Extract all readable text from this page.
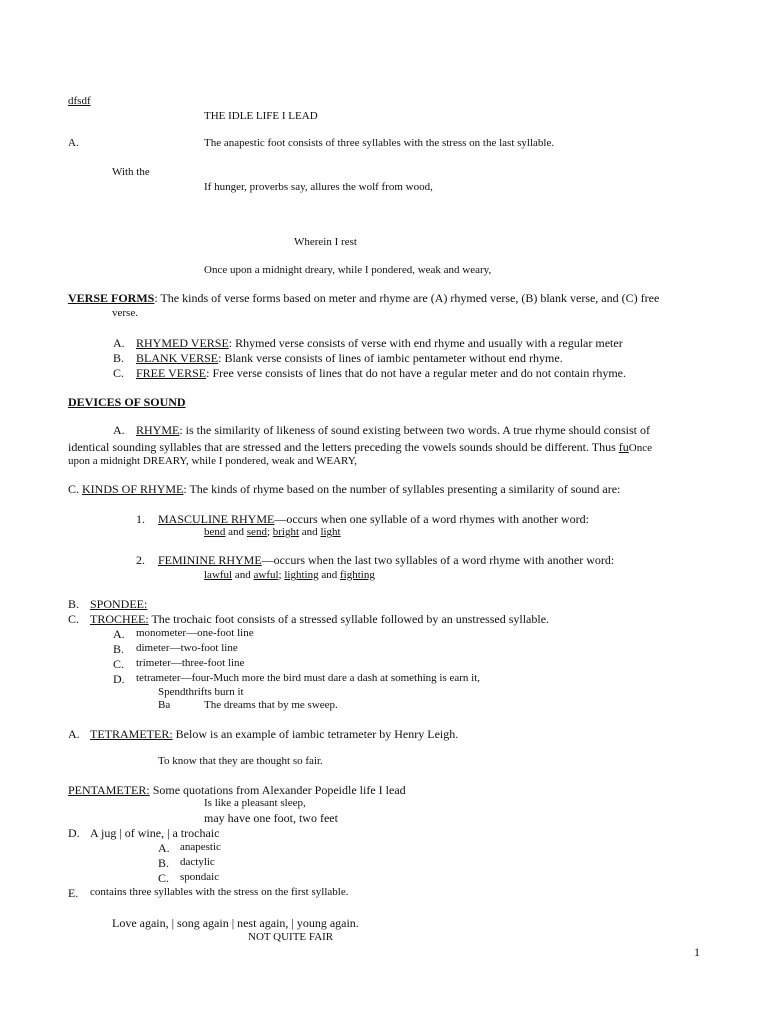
dfsdf
THE IDLE LIFE I LEAD
A.	The anapestic foot consists of three syllables with the stress on the last syllable.
With the
If hunger, proverbs say, allures the wolf from wood,
Wherein I rest
Once upon a midnight dreary, while I pondered, weak and weary,
VERSE FORMS: The kinds of verse forms based on meter and rhyme are (A) rhymed verse, (B) blank verse, and (C) free
verse.
A. RHYMED VERSE: Rhymed verse consists of verse with end rhyme and usually with a regular meter
B. BLANK VERSE: Blank verse consists of lines of iambic pentameter without end rhyme.
C. FREE VERSE: Free verse consists of lines that do not have a regular meter and do not contain rhyme.
DEVICES OF SOUND
A. RHYME: is the similarity of likeness of sound existing between two words. A true rhyme should consist of
identical sounding syllables that are stressed and the letters preceding the vowels sounds should be different. Thus fuOnce
upon a midnight DREARY, while I pondered, weak and WEARY,
C. KINDS OF RHYME: The kinds of rhyme based on the number of syllables presenting a similarity of sound are:
1. MASCULINE RHYME—occurs when one syllable of a word rhymes with another word:
bend and send; bright and light
2. FEMININE RHYME—occurs when the last two syllables of a word rhyme with another word:
lawful and awful; lighting and fighting
B. SPONDEE:
C. TROCHEE: The trochaic foot consists of a stressed syllable followed by an unstressed syllable.
A. monometer—one-foot line
B. dimeter—two-foot line
C. trimeter—three-foot line
D. tetrameter—four-Much more the bird must dare a dash at something is earn it,
Spendthrifts burn it
Ba	The dreams that by me sweep.
A. TETRAMETER: Below is an example of iambic tetrameter by Henry Leigh.
To know that they are thought so fair.
PENTAMETER: Some quotations from Alexander Popeidle life I lead
Is like a pleasant sleep,
may have one foot, two feet
D. A jug | of wine, | a trochaic
A. anapestic
B. dactylic
C. spondaic
E. contains three syllables with the stress on the first syllable.
Love again, | song again | nest again, | young again.
NOT QUITE FAIR
1
